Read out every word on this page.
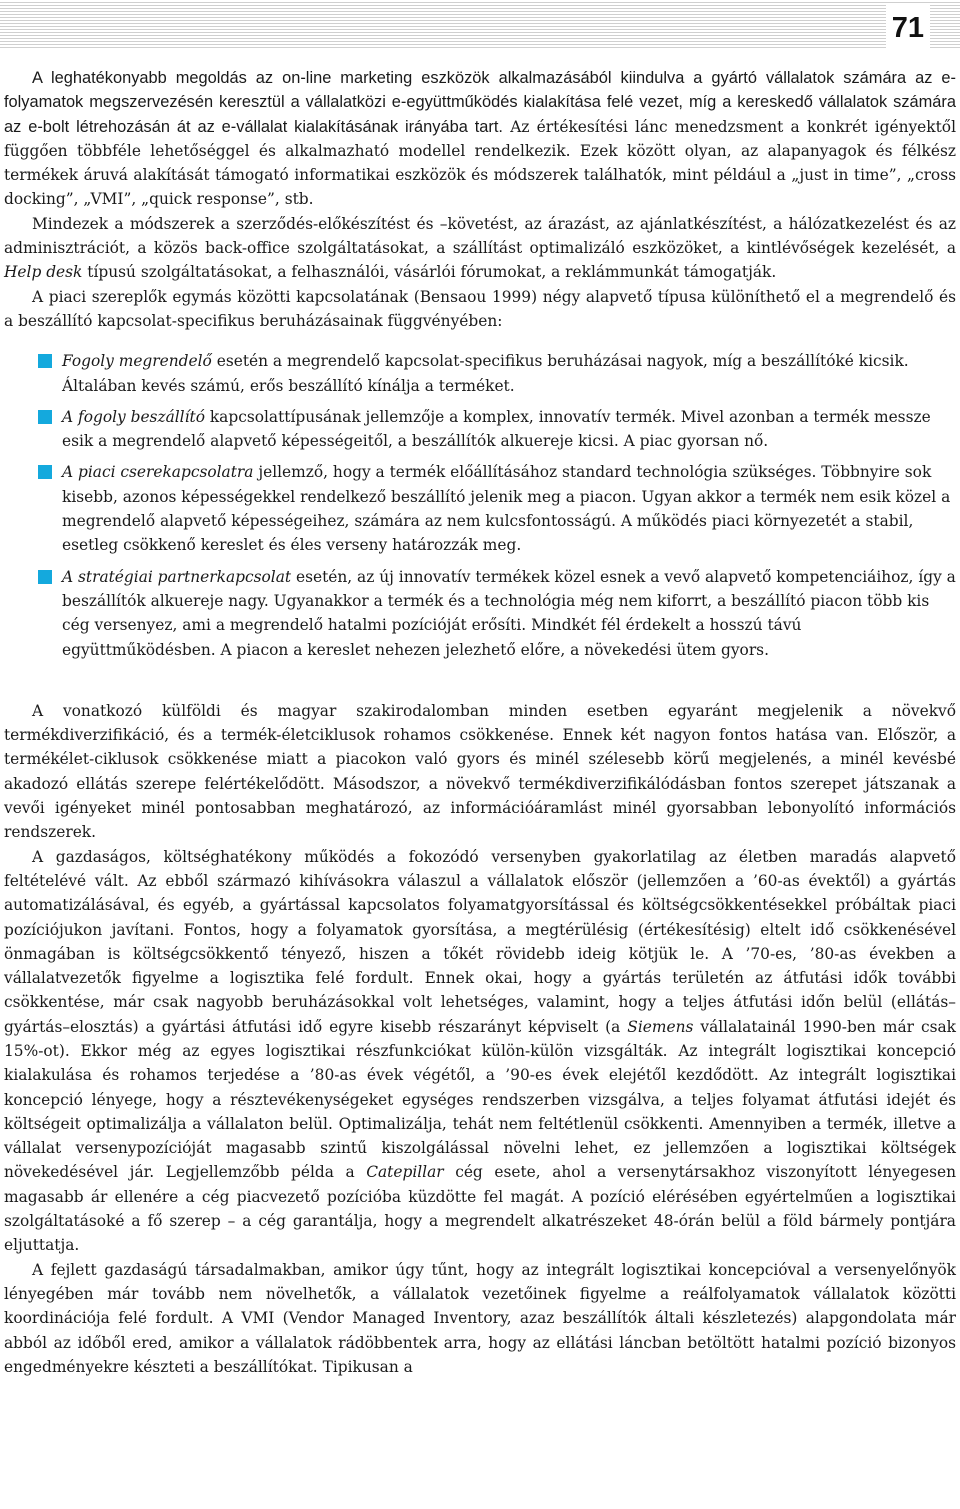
71

A leghatékonyabb megoldás az on-line marketing eszközök alkalmazásából kiindulva a gyártó vállalatok számára az e-folyamatok megszervezésén keresztül a vállalatközi e-együttműködés kialakítása felé vezet, míg a kereskedő vállalatok számára az e-bolt létrehozásán át az e-vállalat kialakításának irányába tart. Az értékesítési lánc menedzsment a konkrét igényektől függően többféle lehetőséggel és alkalmazható modellel rendelkezik. Ezek között olyan, az alapanyagok és félkész termékek áruvá alakítását támogató informatikai eszközök és módszerek találhatók, mint például a „just in time”, „cross docking”, „VMI”, „quick response”, stb.

Mindezek a módszerek a szerződés-előkészítést és –követést, az árazást, az ajánlatkészítést, a hálózatkezelést és az adminisztrációt, a közös back-office szolgáltatásokat, a szállítást optimalizáló eszközöket, a kintlévőségek kezelését, a Help desk típusú szolgáltatásokat, a felhasználói, vásárlói fórumokat, a reklámmunkát támogatják.

A piaci szereplők egymás közötti kapcsolatának (Bensaou 1999) négy alapvető típusa különíthető el a megrendelő és a beszállító kapcsolat-specifikus beruházásainak függvényében:

Fogoly megrendelő esetén a megrendelő kapcsolat-specifikus beruházásai nagyok, míg a beszállítóké kicsik. Általában kevés számú, erős beszállító kínálja a terméket.
A fogoly beszállító kapcsolattípusának jellemzője a komplex, innovatív termék. Mivel azonban a termék messze esik a megrendelő alapvető képességeitől, a beszállítók alkuereje kicsi. A piac gyorsan nő.
A piaci cserekapcsolatra jellemző, hogy a termék előállításához standard technológia szükséges. Többnyire sok kisebb, azonos képességekkel rendelkező beszállító jelenik meg a piacon. Ugyan akkor a termék nem esik közel a megrendelő alapvető képességeihez, számára az nem kulcsfontosságú. A működés piaci környezetét a stabil, esetleg csökkenő kereslet és éles verseny határozzák meg.
A stratégiai partnerkapcsolat esetén, az új innovatív termékek közel esnek a vevő alapvető kompetenciáihoz, így a beszállítók alkuereje nagy. Ugyanakkor a termék és a technológia még nem kiforrt, a beszállító piacon több kis cég versenyez, ami a megrendelő hatalmi pozícióját erősíti. Mindkét fél érdekelt a hosszú távú együttműködésben. A piacon a kereslet nehezen jelezhető előre, a növekedési ütem gyors.

A vonatkozó külföldi és magyar szakirodalomban minden esetben egyaránt megjelenik a növekvő termékdiverzifikáció, és a termék-életciklusok rohamos csökkenése. Ennek két nagyon fontos hatása van. Először, a termékélet-ciklusok csökkenése miatt a piacokon való gyors és minél szélesebb körű megjelenés, a minél kevésbé akadozó ellátás szerepe felértékelődött. Másodszor, a növekvő termékdiverzifikálódásban fontos szerepet játszanak a vevői igényeket minél pontosabban meghatározó, az információáramlást minél gyorsabban lebonyolító információs rendszerek.

A gazdaságos, költséghatékony működés a fokozódó versenyben gyakorlatilag az életben maradás alapvető feltételévé vált. Az ebből származó kihívásokra válaszul a vállalatok először (jellemzően a ’60-as évektől) a gyártás automatizálásával, és egyéb, a gyártással kapcsolatos folyamatgyorsítással és költségcsökkentésekkel próbáltak piaci pozíciójukon javítani. Fontos, hogy a folyamatok gyorsítása, a megtérülésig (értékesítésig) eltelt idő csökkenésével önmagában is költségcsökkentő tényező, hiszen a tőkét rövidebb ideig kötjük le. A ’70-es, ’80-as években a vállalatvezetők figyelme a logisztika felé fordult. Ennek okai, hogy a gyártás területén az átfutási idők további csökkentése, már csak nagyobb beruházásokkal volt lehetséges, valamint, hogy a teljes átfutási időn belül (ellátás–gyártás–elosztás) a gyártási átfutási idő egyre kisebb részarányt képviselt (a Siemens vállalatainál 1990-ben már csak 15%-ot). Ekkor még az egyes logisztikai részfunkciókat külön-külön vizsgálták. Az integrált logisztikai koncepció kialakulása és rohamos terjedése a ’80-as évek végétől, a ’90-es évek elejétől kezdődött. Az integrált logisztikai koncepció lényege, hogy a résztevékenységeket egységes rendszerben vizsgálva, a teljes folyamat átfutási idejét és költségeit optimalizálja a vállalaton belül. Optimalizálja, tehát nem feltétlenül csökkenti. Amennyiben a termék, illetve a vállalat versenypozícióját magasabb szintű kiszolgálással növelni lehet, ez jellemzően a logisztikai költségek növekedésével jár. Legjellemzőbb példa a Catepillar cég esete, ahol a versenytársakhoz viszonyított lényegesen magasabb ár ellenére a cég piacvezető pozícióba küzdötte fel magát. A pozíció elérésében egyértelműen a logisztikai szolgáltatásoké a fő szerep – a cég garantálja, hogy a megrendelt alkatrészeket 48-órán belül a föld bármely pontjára eljuttatja.

A fejlett gazdaságú társadalmakban, amikor úgy tűnt, hogy az integrált logisztikai koncepcióval a versenyelőnyök lényegében már tovább nem növelhetők, a vállalatok vezetőinek figyelme a reálfolyamatok vállalatok közötti koordinációja felé fordult. A VMI (Vendor Managed Inventory, azaz beszállítók általi készletezés) alapgondolata már abból az időből ered, amikor a vállalatok rádöbbentek arra, hogy az ellátási láncban betöltött hatalmi pozíció bizonyos engedményekre készteti a beszállítókat. Tipikusan a
